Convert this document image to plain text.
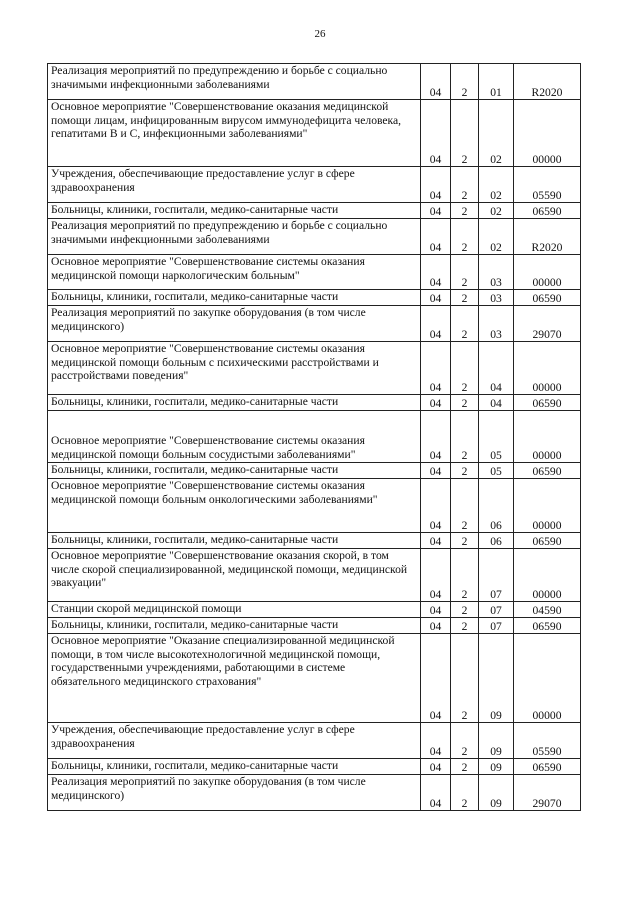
26
Реализация мероприятий по предупреждению и борьбе с социально значимыми инфекционными заболеваниями	04	2	01	R2020
Основное мероприятие "Совершенствование оказания медицинской помощи лицам, инфицированным вирусом иммунодефицита человека, гепатитами В и С, инфекционными заболеваниями"	04	2	02	00000
Учреждения, обеспечивающие предоставление услуг в сфере здравоохранения	04	2	02	05590
Больницы, клиники, госпитали, медико-санитарные части	04	2	02	06590
Реализация мероприятий по предупреждению и борьбе с социально значимыми инфекционными заболеваниями	04	2	02	R2020
Основное мероприятие "Совершенствование системы оказания медицинской помощи наркологическим больным"	04	2	03	00000
Больницы, клиники, госпитали, медико-санитарные части	04	2	03	06590
Реализация мероприятий по закупке оборудования (в том числе медицинского)	04	2	03	29070
Основное мероприятие "Совершенствование системы оказания медицинской помощи больным с психическими расстройствами и расстройствами поведения"	04	2	04	00000
Больницы, клиники, госпитали, медико-санитарные части	04	2	04	06590
Основное мероприятие "Совершенствование системы оказания медицинской помощи больным сосудистыми заболеваниями"	04	2	05	00000
Больницы, клиники, госпитали, медико-санитарные части	04	2	05	06590
Основное мероприятие "Совершенствование системы оказания медицинской помощи больным онкологическими заболеваниями"	04	2	06	00000
Больницы, клиники, госпитали, медико-санитарные части	04	2	06	06590
Основное мероприятие "Совершенствование оказания скорой, в том числе скорой специализированной, медицинской помощи, медицинской эвакуации"	04	2	07	00000
Станции скорой медицинской помощи	04	2	07	04590
Больницы, клиники, госпитали, медико-санитарные части	04	2	07	06590
Основное мероприятие "Оказание специализированной медицинской помощи, в том числе высокотехнологичной медицинской помощи, государственными учреждениями, работающими в системе обязательного медицинского страхования"	04	2	09	00000
Учреждения, обеспечивающие предоставление услуг в сфере здравоохранения	04	2	09	05590
Больницы, клиники, госпитали, медико-санитарные части	04	2	09	06590
Реализация мероприятий по закупке оборудования (в том числе медицинского)	04	2	09	29070
